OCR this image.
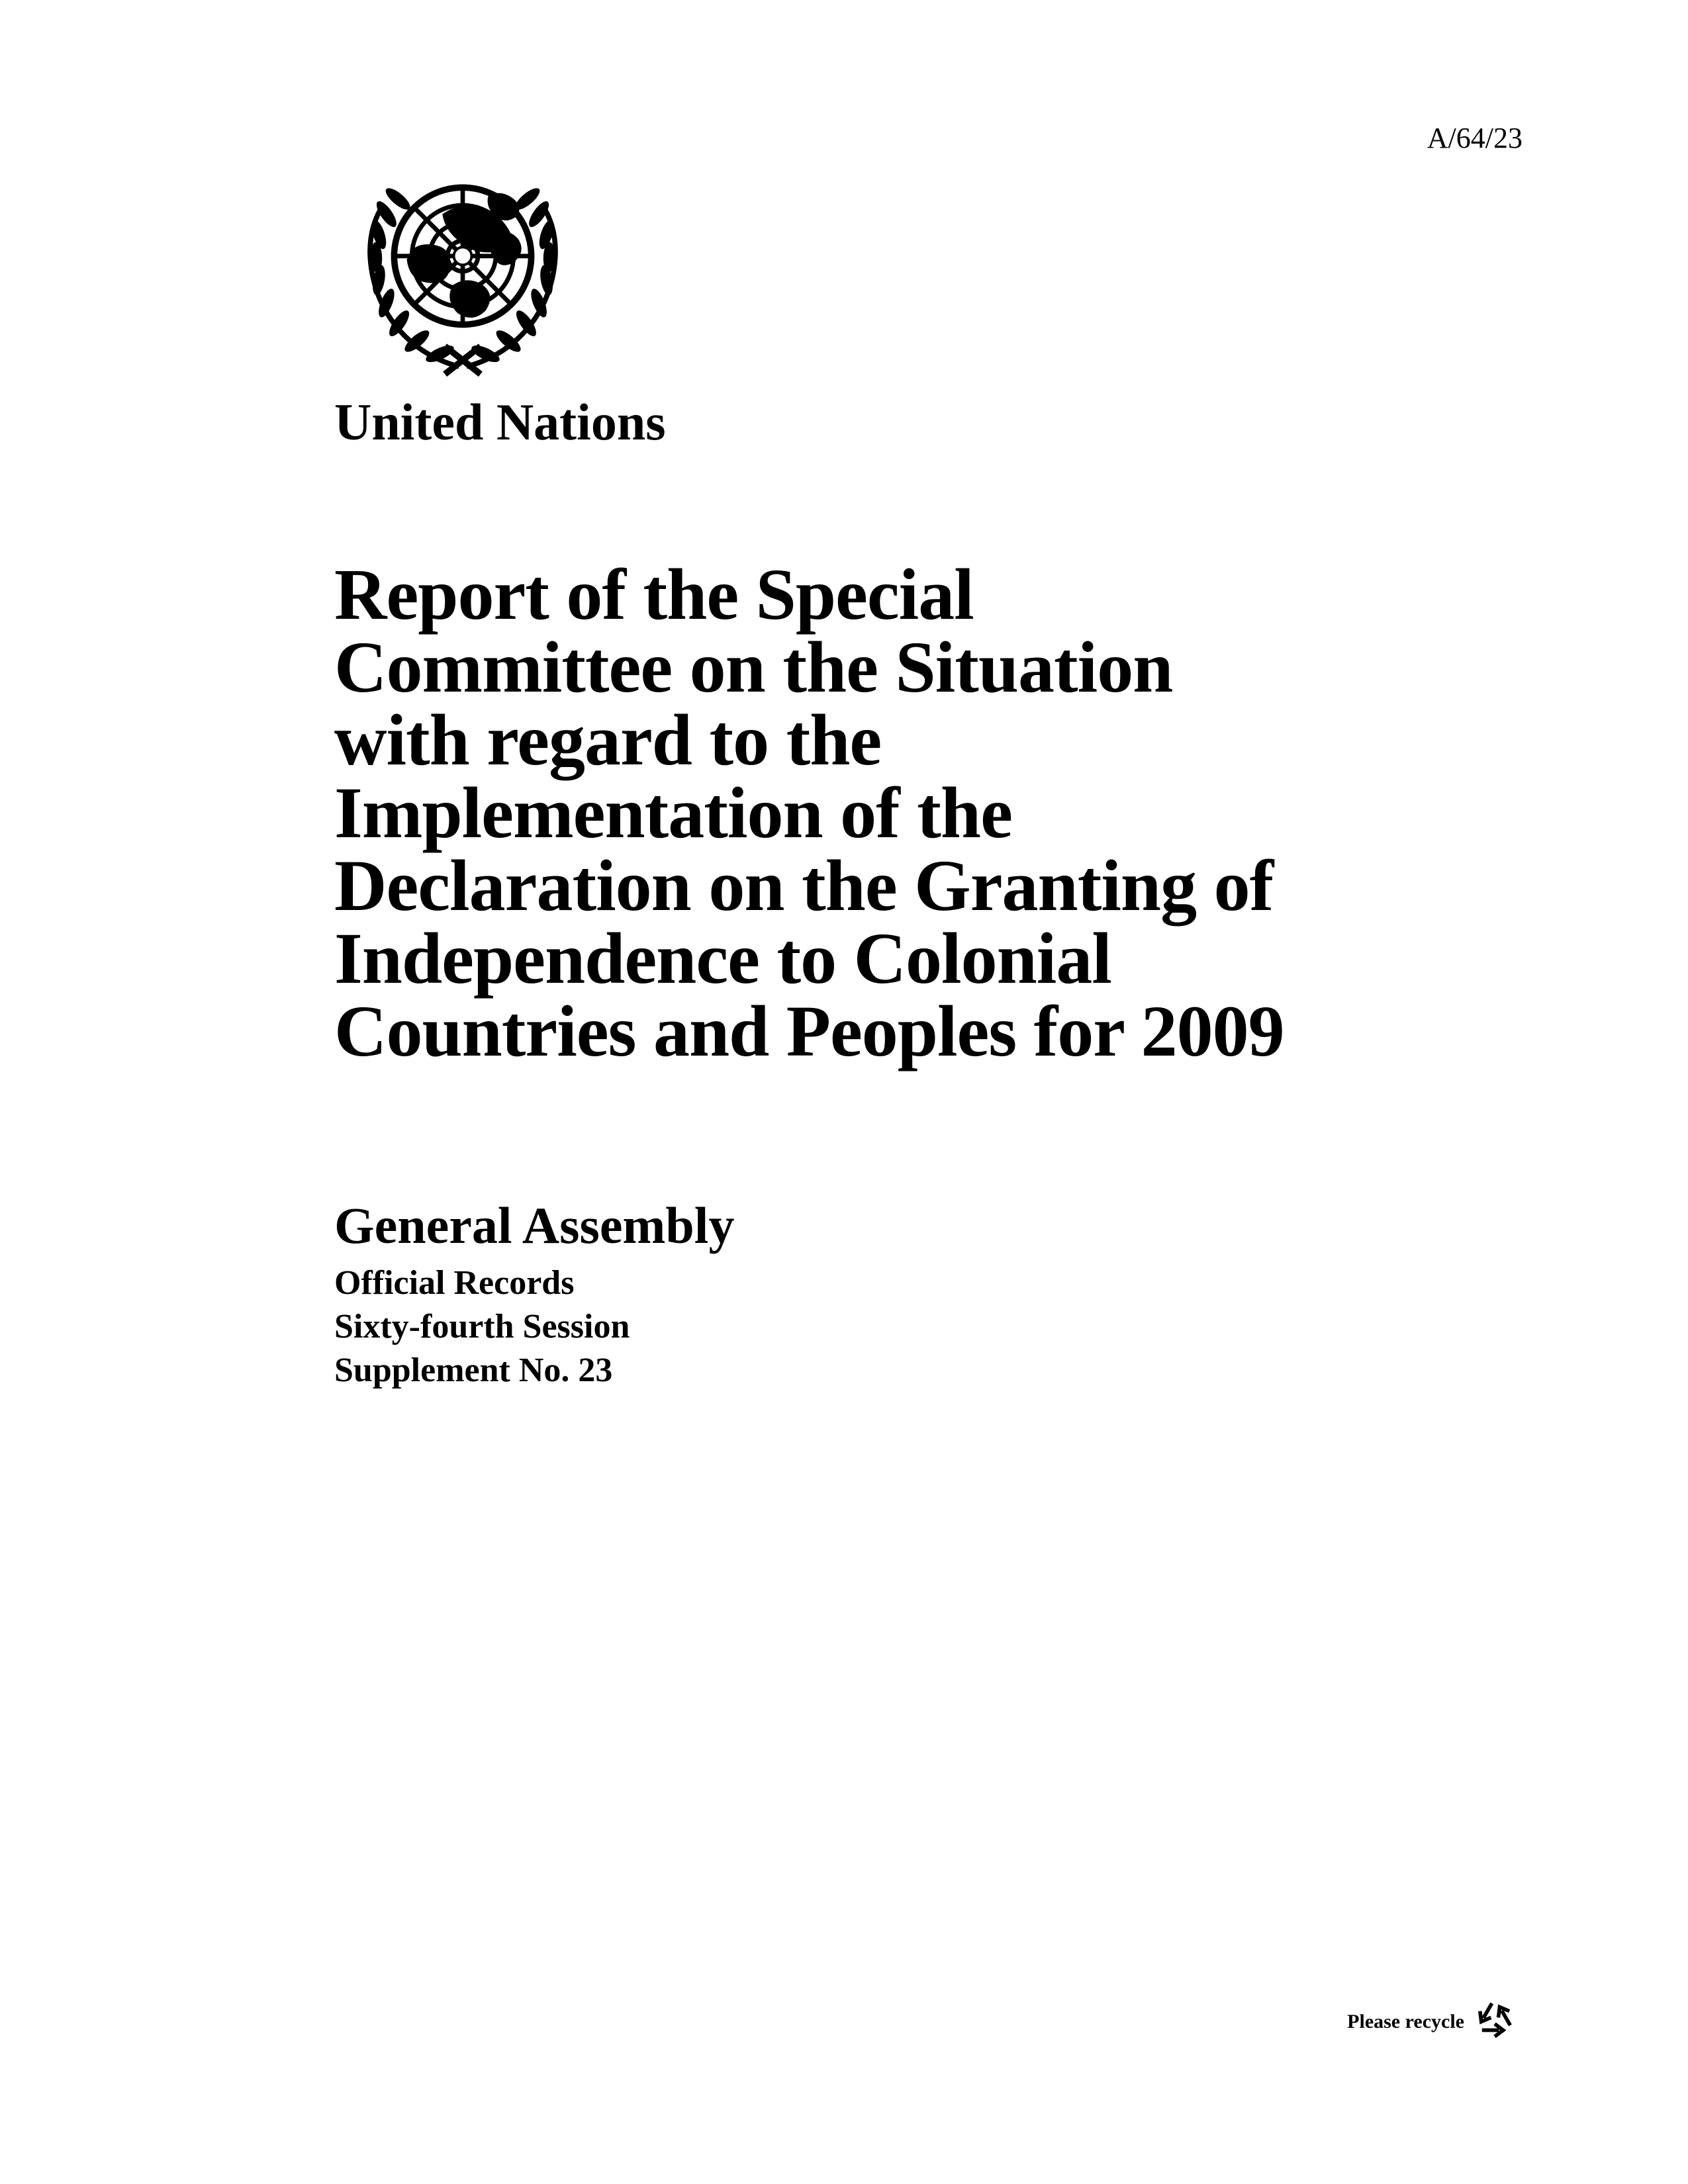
A/64/23
United Nations
Report of the Special
Committee on the Situation
with regard to the
Implementation of the
Declaration on the Granting of
Independence to Colonial
Countries and Peoples for 2009
General Assembly
Official Records
Sixty-fourth Session
Supplement No. 23
Please recycle
